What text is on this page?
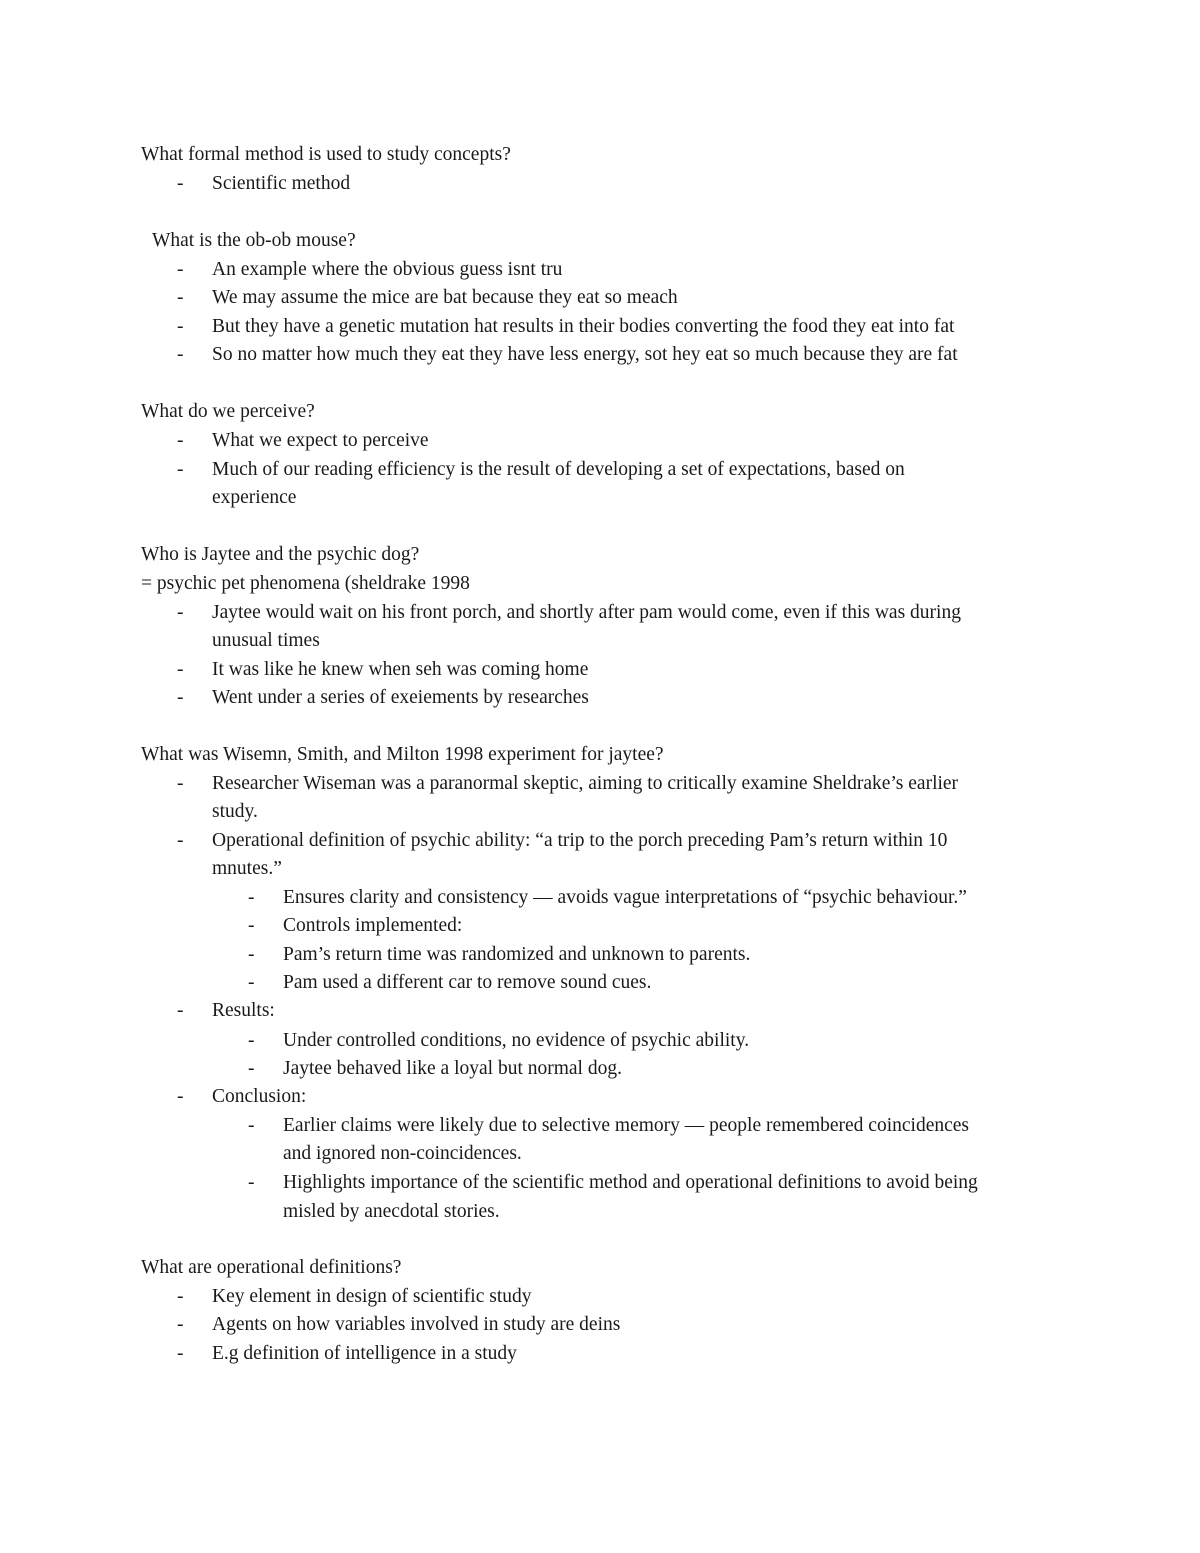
What formal method is used to study concepts?
-	Scientific method
What is the ob-ob mouse?
-	An example where the obvious guess isnt tru
-	We may assume the mice are bat because they eat so meach
-	But they have a genetic mutation hat results in their bodies converting the food they eat into fat
-	So no matter how much they eat they have less energy, sot hey eat so much because they are fat
What do we perceive?
-	What we expect to perceive
-	Much of our reading efficiency is the result of developing a set of expectations, based on
experience
Who is Jaytee and the psychic dog?
= psychic pet phenomena (sheldrake 1998
-	Jaytee would wait on his front porch, and shortly after pam would come, even if this was during
unusual times
-	It was like he knew when seh was coming home
-	Went under a series of exeiements by researches
What was Wisemn, Smith, and Milton 1998 experiment for jaytee?
-	Researcher Wiseman was a paranormal skeptic, aiming to critically examine Sheldrake’s earlier
study.
-	Operational definition of psychic ability: “a trip to the porch preceding Pam’s return within 10
mnutes.”
-	Ensures clarity and consistency — avoids vague interpretations of “psychic behaviour.”
-	Controls implemented:
-	Pam’s return time was randomized and unknown to parents.
-	Pam used a different car to remove sound cues.
-	Results:
-	Under controlled conditions, no evidence of psychic ability.
-	Jaytee behaved like a loyal but normal dog.
-	Conclusion:
-	Earlier claims were likely due to selective memory — people remembered coincidences
and ignored non-coincidences.
-	Highlights importance of the scientific method and operational definitions to avoid being
misled by anecdotal stories.
What are operational definitions?
-	Key element in design of scientific study
-	Agents on how variables involved in study are deins
-	E.g definition of intelligence in a study
